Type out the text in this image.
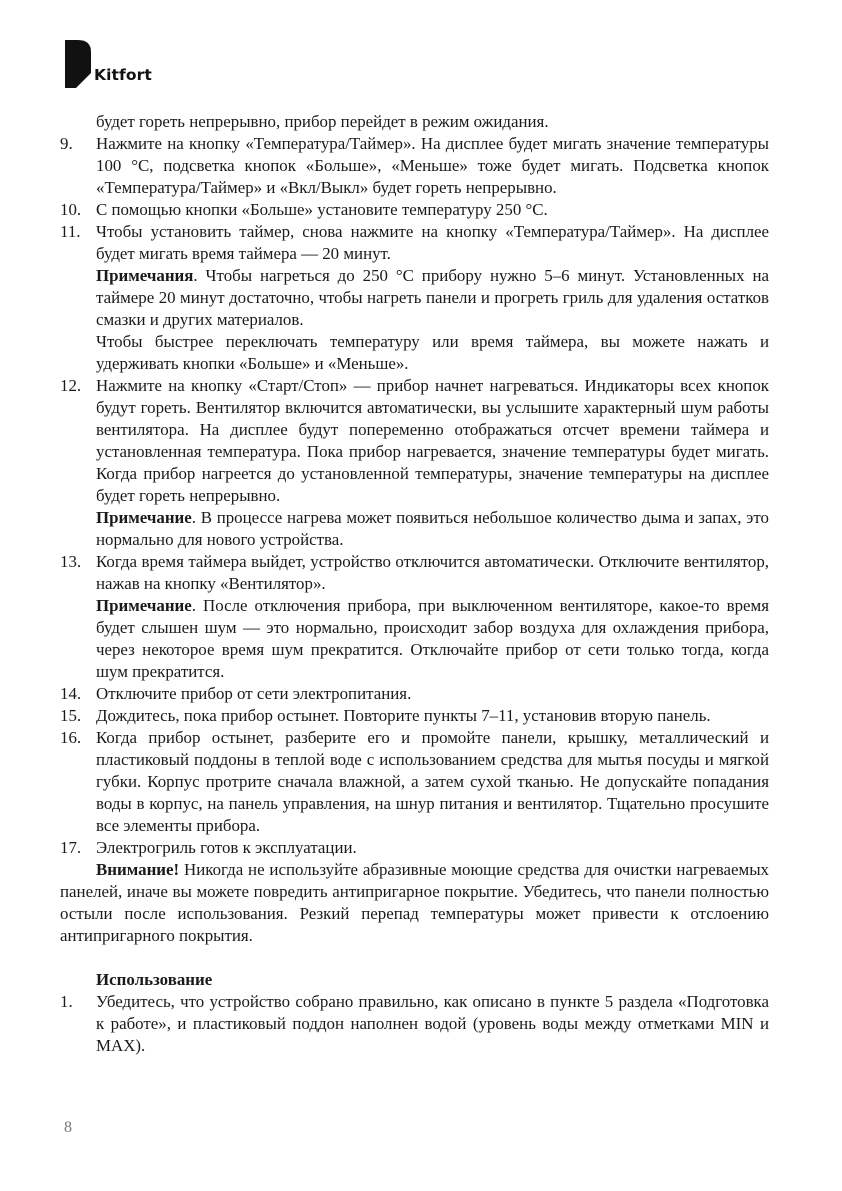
Kitfort

будет гореть непрерывно, прибор перейдет в режим ожидания.

9. Нажмите на кнопку «Температура/Таймер». На дисплее будет мигать значение температуры 100 °C, подсветка кнопок «Больше», «Меньше» тоже будет мигать. Подсветка кнопок «Температура/Таймер» и «Вкл/Выкл» будет гореть непрерывно.

10. С помощью кнопки «Больше» установите температуру 250 °C.

11. Чтобы установить таймер, снова нажмите на кнопку «Температура/Таймер». На дисплее будет мигать время таймера — 20 минут.

Примечания. Чтобы нагреться до 250 °C прибору нужно 5–6 минут. Установленных на таймере 20 минут достаточно, чтобы нагреть панели и прогреть гриль для удаления остатков смазки и других материалов.

Чтобы быстрее переключать температуру или время таймера, вы можете нажать и удерживать кнопки «Больше» и «Меньше».

12. Нажмите на кнопку «Старт/Стоп» — прибор начнет нагреваться. Индикаторы всех кнопок будут гореть. Вентилятор включится автоматически, вы услышите характерный шум работы вентилятора. На дисплее будут попеременно отображаться отсчет времени таймера и установленная температура. Пока прибор нагревается, значение температуры будет мигать. Когда прибор нагреется до установленной температуры, значение температуры на дисплее будет гореть непрерывно.

Примечание. В процессе нагрева может появиться небольшое количество дыма и запах, это нормально для нового устройства.

13. Когда время таймера выйдет, устройство отключится автоматически. Отключите вентилятор, нажав на кнопку «Вентилятор».

Примечание. После отключения прибора, при выключенном вентиляторе, какое-то время будет слышен шум — это нормально, происходит забор воздуха для охлаждения прибора, через некоторое время шум прекратится. Отключайте прибор от сети только тогда, когда шум прекратится.

14. Отключите прибор от сети электропитания.

15. Дождитесь, пока прибор остынет. Повторите пункты 7–11, установив вторую панель.

16. Когда прибор остынет, разберите его и промойте панели, крышку, металлический и пластиковый поддоны в теплой воде с использованием средства для мытья посуды и мягкой губки. Корпус протрите сначала влажной, а затем сухой тканью. Не допускайте попадания воды в корпус, на панель управления, на шнур питания и вентилятор. Тщательно просушите все элементы прибора.

17. Электрогриль готов к эксплуатации.

Внимание! Никогда не используйте абразивные моющие средства для очистки нагреваемых панелей, иначе вы можете повредить антипригарное покрытие. Убедитесь, что панели полностью остыли после использования. Резкий перепад температуры может привести к отслоению антипригарного покрытия.

Использование

1. Убедитесь, что устройство собрано правильно, как описано в пункте 5 раздела «Подготовка к работе», и пластиковый поддон наполнен водой (уровень воды между отметками MIN и MAX).

8
